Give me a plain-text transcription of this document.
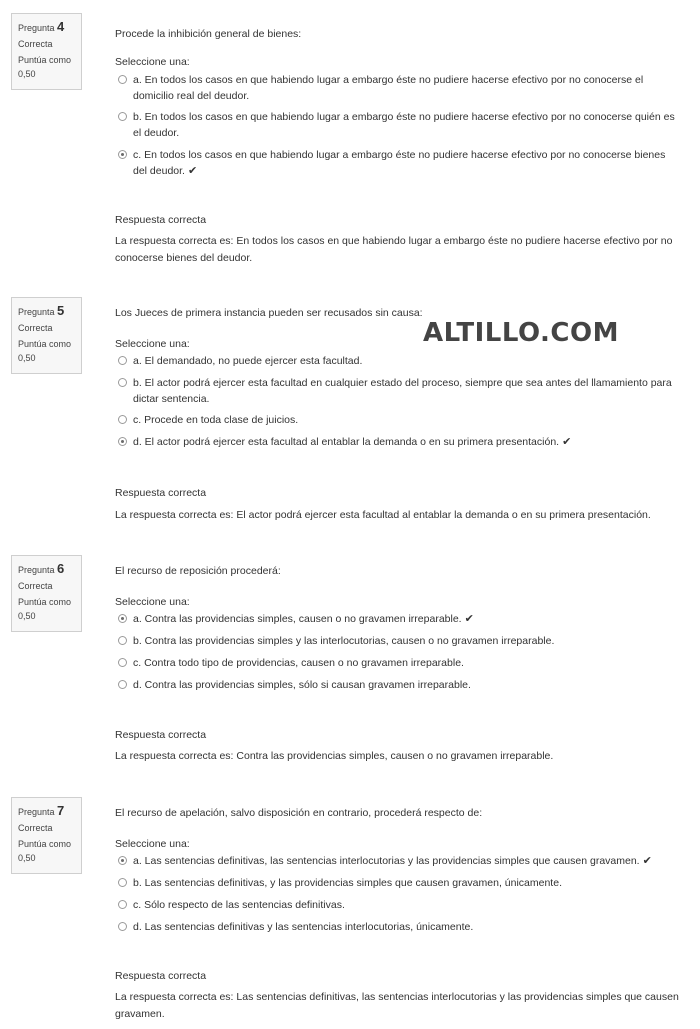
Pregunta 4
Correcta
Puntúa como
0,50
Procede la inhibición general de bienes:
Seleccione una:
a. En todos los casos en que habiendo lugar a embargo éste no pudiere hacerse efectivo por no conocerse el domicilio real del deudor.
b. En todos los casos en que habiendo lugar a embargo éste no pudiere hacerse efectivo por no conocerse quién es el deudor.
c. En todos los casos en que habiendo lugar a embargo éste no pudiere hacerse efectivo por no conocerse bienes del deudor. ✔
Respuesta correcta
La respuesta correcta es: En todos los casos en que habiendo lugar a embargo éste no pudiere hacerse efectivo por no conocerse bienes del deudor.
Pregunta 5
Correcta
Puntúa como
0,50
Los Jueces de primera instancia pueden ser recusados sin causa:
Seleccione una:
a. El demandado, no puede ejercer esta facultad.
b. El actor podrá ejercer esta facultad en cualquier estado del proceso, siempre que sea antes del llamamiento para dictar sentencia.
c. Procede en toda clase de juicios.
d. El actor podrá ejercer esta facultad al entablar la demanda o en su primera presentación. ✔
Respuesta correcta
La respuesta correcta es: El actor podrá ejercer esta facultad al entablar la demanda o en su primera presentación.
ALTILLO.COM
Pregunta 6
Correcta
Puntúa como
0,50
El recurso de reposición procederá:
Seleccione una:
a. Contra las providencias simples, causen o no gravamen irreparable. ✔
b. Contra las providencias simples y las interlocutorias, causen o no gravamen irreparable.
c. Contra todo tipo de providencias, causen o no gravamen irreparable.
d. Contra las providencias simples, sólo si causan gravamen irreparable.
Respuesta correcta
La respuesta correcta es: Contra las providencias simples, causen o no gravamen irreparable.
Pregunta 7
Correcta
Puntúa como
0,50
El recurso de apelación, salvo disposición en contrario, procederá respecto de:
Seleccione una:
a. Las sentencias definitivas, las sentencias interlocutorias y las providencias simples que causen gravamen. ✔
b. Las sentencias definitivas, y las providencias simples que causen gravamen, únicamente.
c. Sólo respecto de las sentencias definitivas.
d. Las sentencias definitivas y las sentencias interlocutorias, únicamente.
Respuesta correcta
La respuesta correcta es: Las sentencias definitivas, las sentencias interlocutorias y las providencias simples que causen gravamen.
